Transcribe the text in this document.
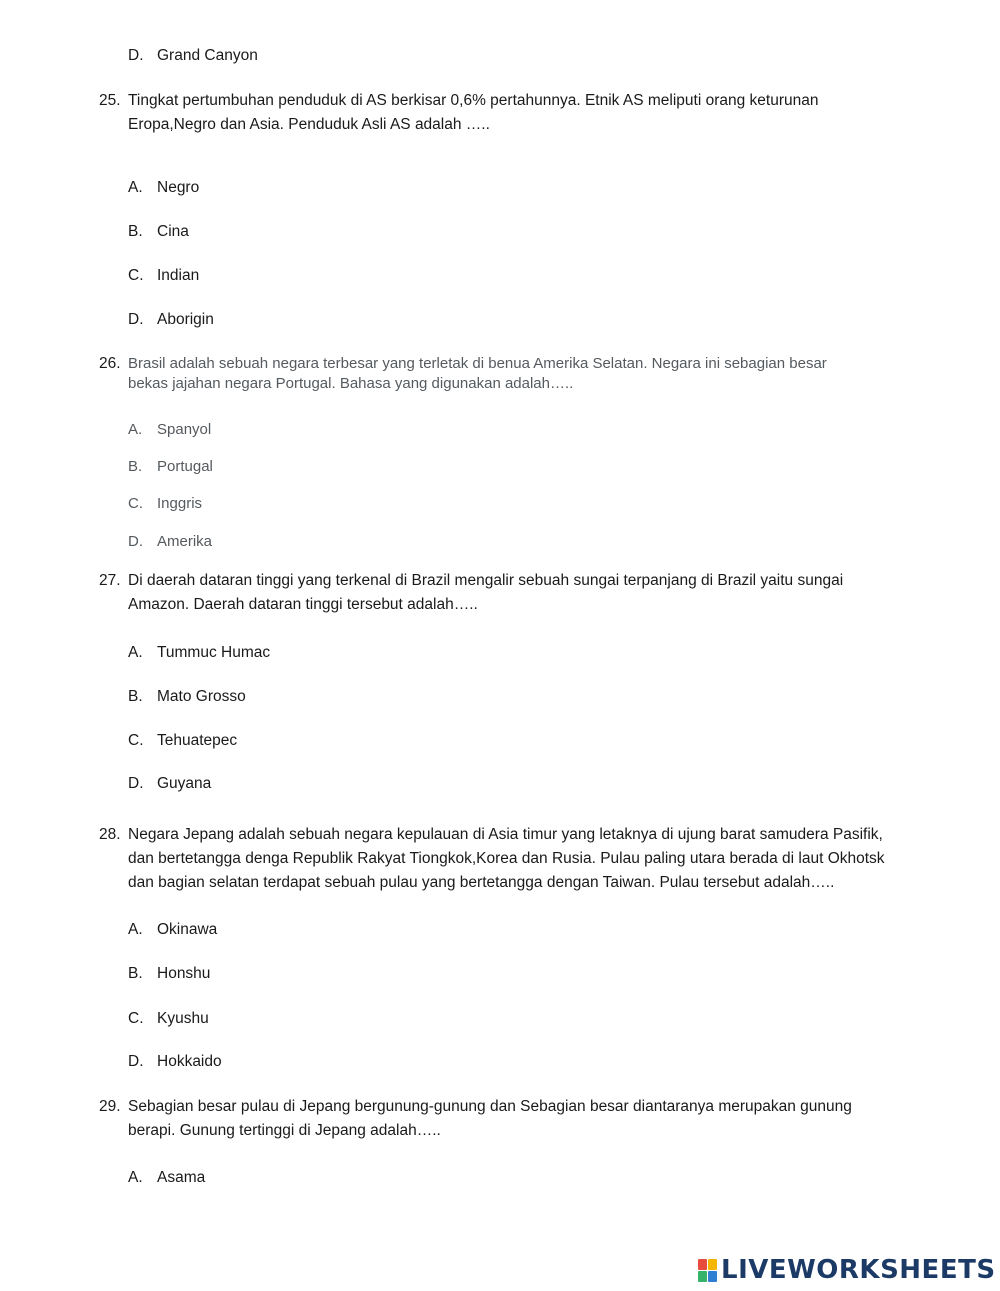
D. Grand Canyon
25. Tingkat pertumbuhan penduduk di AS berkisar 0,6% pertahunnya. Etnik AS meliputi orang keturunan
Eropa,Negro dan Asia. Penduduk Asli AS adalah …..
A. Negro
B. Cina
C. Indian
D. Aborigin
26. Brasil adalah sebuah negara terbesar yang terletak di benua Amerika Selatan. Negara ini sebagian besar
bekas jajahan negara Portugal. Bahasa yang digunakan adalah…..
A. Spanyol
B. Portugal
C. Inggris
D. Amerika
27. Di daerah dataran tinggi yang terkenal di Brazil mengalir sebuah sungai terpanjang di Brazil yaitu sungai
Amazon. Daerah dataran tinggi tersebut adalah…..
A. Tummuc Humac
B. Mato Grosso
C. Tehuatepec
D. Guyana
28. Negara Jepang adalah sebuah negara kepulauan di Asia timur yang letaknya di ujung barat samudera Pasifik,
dan bertetangga denga Republik Rakyat Tiongkok,Korea dan Rusia. Pulau paling utara berada di laut Okhotsk
dan bagian selatan terdapat sebuah pulau yang bertetangga dengan Taiwan. Pulau tersebut adalah…..
A. Okinawa
B. Honshu
C. Kyushu
D. Hokkaido
29. Sebagian besar pulau di Jepang bergunung-gunung dan Sebagian besar diantaranya merupakan gunung
berapi. Gunung tertinggi di Jepang adalah…..
A. Asama
LIVEWORKSHEETS
